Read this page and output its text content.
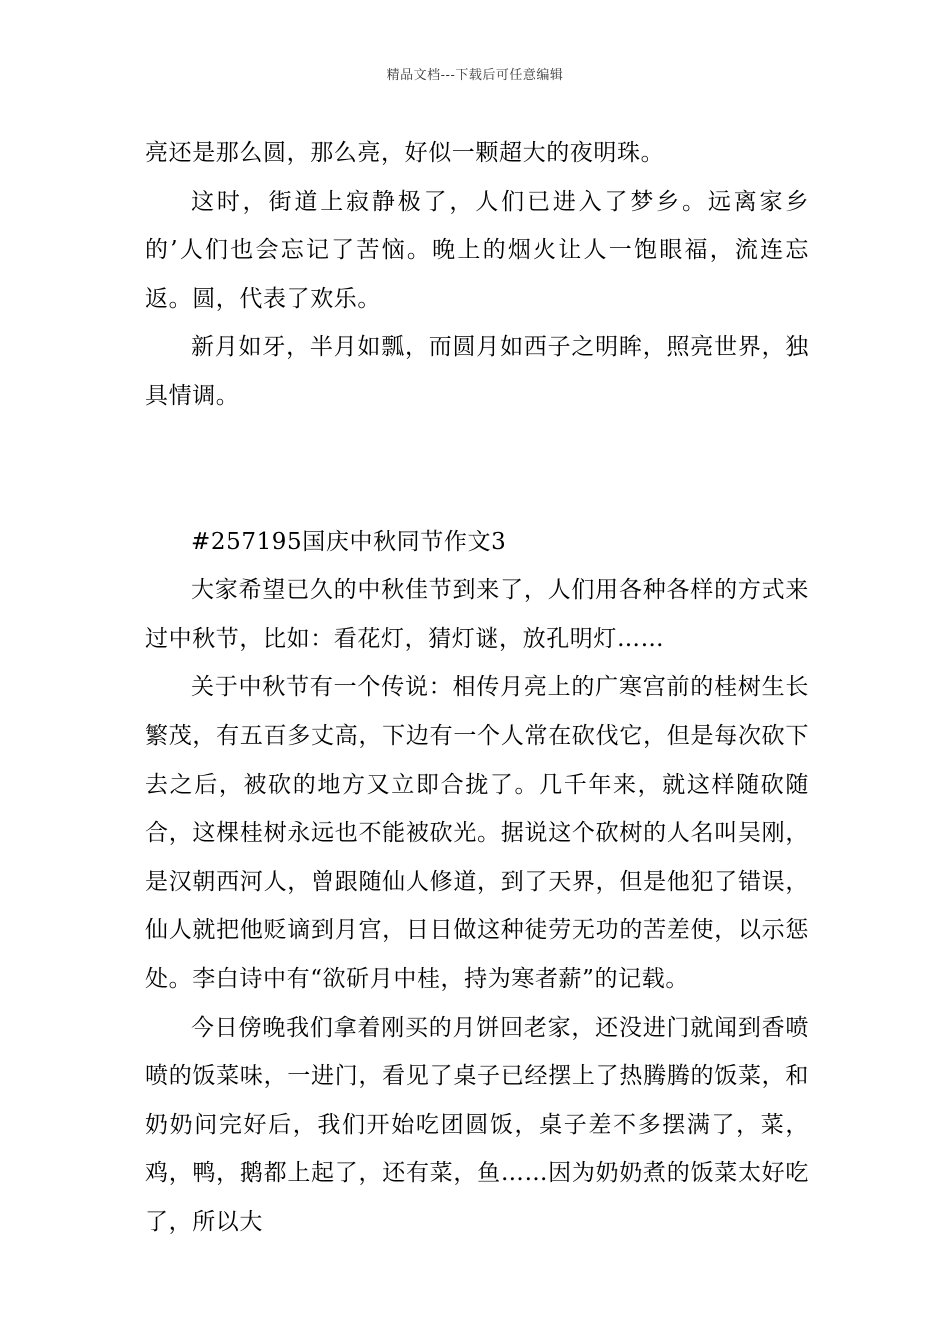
精品文档---下载后可任意编辑

亮还是那么圆，那么亮，好似一颗超大的夜明珠。

这时，街道上寂静极了，人们已进入了梦乡。远离家乡的’人们也会忘记了苦恼。晚上的烟火让人一饱眼福，流连忘返。圆，代表了欢乐。

新月如牙，半月如瓢，而圆月如西子之明眸，照亮世界，独具情调。

#257195国庆中秋同节作文3

大家希望已久的中秋佳节到来了，人们用各种各样的方式来过中秋节，比如：看花灯，猜灯谜，放孔明灯……

关于中秋节有一个传说：相传月亮上的广寒宫前的桂树生长繁茂，有五百多丈高，下边有一个人常在砍伐它，但是每次砍下去之后，被砍的地方又立即合拢了。几千年来，就这样随砍随合，这棵桂树永远也不能被砍光。据说这个砍树的人名叫吴刚，是汉朝西河人，曾跟随仙人修道，到了天界，但是他犯了错误，仙人就把他贬谪到月宫，日日做这种徒劳无功的苦差使，以示惩处。李白诗中有“欲斫月中桂，持为寒者薪”的记载。

今日傍晚我们拿着刚买的月饼回老家，还没进门就闻到香喷喷的饭菜味，一进门，看见了桌子已经摆上了热腾腾的饭菜，和奶奶问完好后，我们开始吃团圆饭，桌子差不多摆满了，菜，鸡，鸭，鹅都上起了，还有菜，鱼……因为奶奶煮的饭菜太好吃了，所以大
